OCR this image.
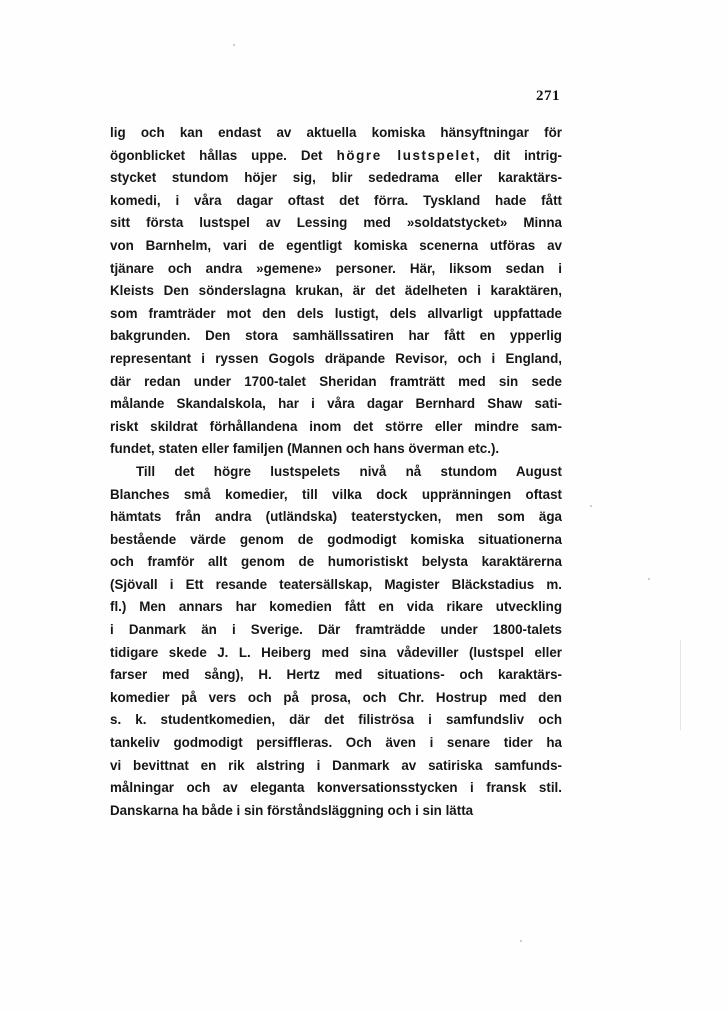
271
lig och kan endast av aktuella komiska hänsyftningar för
ögonblicket hållas uppe. Det högre lustspelet, dit intrig-
stycket stundom höjer sig, blir sededrama eller karaktärs-
komedi, i våra dagar oftast det förra. Tyskland hade fått
sitt första lustspel av Lessing med »soldatstycket» Minna
von Barnhelm, vari de egentligt komiska scenerna utföras av
tjänare och andra »gemene» personer. Här, liksom sedan i
Kleists Den sönderslagna krukan, är det ädelheten i karaktären,
som framträder mot den dels lustigt, dels allvarligt uppfattade
bakgrunden. Den stora samhällssatiren har fått en ypperlig
representant i ryssen Gogols dräpande Revisor, och i England,
där redan under 1700-talet Sheridan framträtt med sin sede
målande Skandalskola, har i våra dagar Bernhard Shaw sati-
riskt skildrat förhållandena inom det större eller mindre sam-
fundet, staten eller familjen (Mannen och hans överman etc.).
Till det högre lustspelets nivå nå stundom August
Blanches små komedier, till vilka dock uppränningen oftast
hämtats från andra (utländska) teaterstycken, men som äga
bestående värde genom de godmodigt komiska situationerna
och framför allt genom de humoristiskt belysta karaktärerna
(Sjövall i Ett resande teatersällskap, Magister Bläckstadius m.
fl.) Men annars har komedien fått en vida rikare utveckling
i Danmark än i Sverige. Där framträdde under 1800-talets
tidigare skede J. L. Heiberg med sina vådeviller (lustspel eller
farser med sång), H. Hertz med situations- och karaktärs-
komedier på vers och på prosa, och Chr. Hostrup med den
s. k. studentkomedien, där det filiströsa i samfundsliv och
tankeliv godmodigt persiffleras. Och även i senare tider ha
vi bevittnat en rik alstring i Danmark av satiriska samfunds-
målningar och av eleganta konversationsstycken i fransk stil.
Danskarna ha både i sin förståndsläggning och i sin lätta
